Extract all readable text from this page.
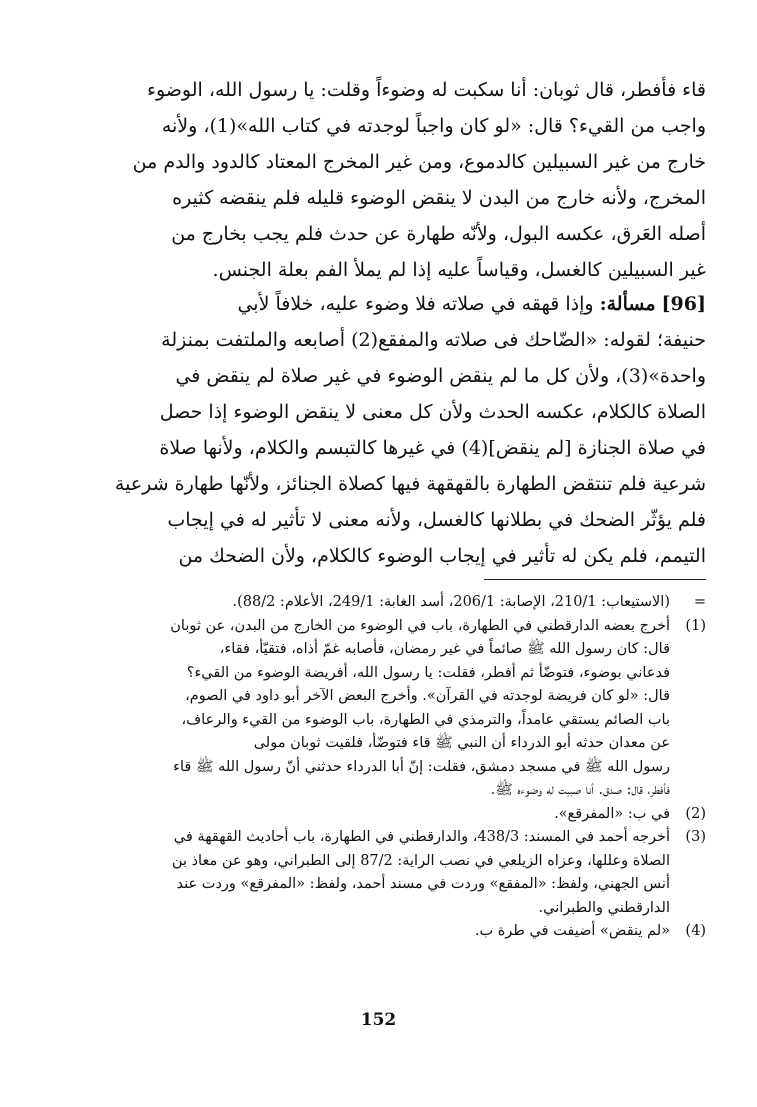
قاء فأفطر، قال ثوبان: أنا سكبت له وضوءاً وقلت: يا رسول الله، الوضوء
واجب من القيء؟ قال: «لو كان واجباً لوجدته في كتاب الله»(1)، ولأنه
خارج من غير السبيلين كالدموع، ومن غير المخرج المعتاد كالدود والدم من
المخرج، ولأنه خارج من البدن لا ينقض الوضوء قليله فلم ينقضه كثيره
أصله العَرق، عكسه البول، ولأنّه طهارة عن حدث فلم يجب بخارج من
غير السبيلين كالغسل، وقياساً عليه إذا لم يملأ الفم بعلة الجنس.
[96] مسألة: وإذا قهقه في صلاته فلا وضوء عليه، خلافاً لأبي
حنيفة؛ لقوله: «الضّاحك فى صلاته والمفقع(2) أصابعه والملتفت بمنزلة
واحدة»(3)، ولأن كل ما لم ينقض الوضوء في غير صلاة لم ينقض في
الصلاة كالكلام، عكسه الحدث ولأن كل معنى لا ينقض الوضوء إذا حصل
في صلاة الجنازة [لم ينقض](4) في غيرها كالتبسم والكلام، ولأنها صلاة
شرعية فلم تنتقض الطهارة بالقهقهة فيها كصلاة الجنائز، ولأنّها طهارة شرعية
فلم يؤثّر الضحك في بطلانها كالغسل، ولأنه معنى لا تأثير له في إيجاب
التيمم، فلم يكن له تأثير في إيجاب الوضوء كالكلام، ولأن الضحك من
=
(الاستيعاب: 210/1، الإصابة: 206/1، أسد الغابة: 249/1، الأعلام: 88/2).
(1)
أخرج بعضه الدارقطني في الطهارة، باب في الوضوء من الخارج من البدن، عن ثوبان
قال: كان رسول الله ﷺ صائماً في غير رمضان، فأصابه غمّ أذاه، فتقيّأ، فقاء،
فدعاني بوضوء، فتوضّأ ثم أفطر، فقلت: يا رسول الله، أفريضة الوضوء من القيء؟
قال: «لو كان فريضة لوجدته في القرآن». وأخرج البعض الآخر أبو داود في الصوم،
باب الصائم يستقي عامداً، والترمذي في الطهارة، باب الوضوء من القيء والرعاف،
عن معدان حدثه أبو الدرداء أن النبي ﷺ قاء فتوضّأ، فلقيت ثوبان مولى
رسول الله ﷺ في مسجد دمشق، فقلت: إنّ أبا الدرداء حدثني أنّ رسول الله ﷺ قاء
فأفطر، قال: صدق. أنا صببت له وضوءه ﷺ.
(2)
في ب: «المفرقع».
(3)
أخرجه أحمد في المسند: 438/3، والدارقطني في الطهارة، باب أحاديث القهقهة في
الصلاة وعللها، وعزاه الزيلعي في نصب الراية: 87/2 إلى الطبراني، وهو عن معاذ بن
أنس الجهني، ولفظ: «المفقع» وردت في مسند أحمد، ولفظ: «المفرقع» وردت عند
الدارقطني والطبراني.
(4)
«لم ينقض» أضيفت في طرة ب.
152
